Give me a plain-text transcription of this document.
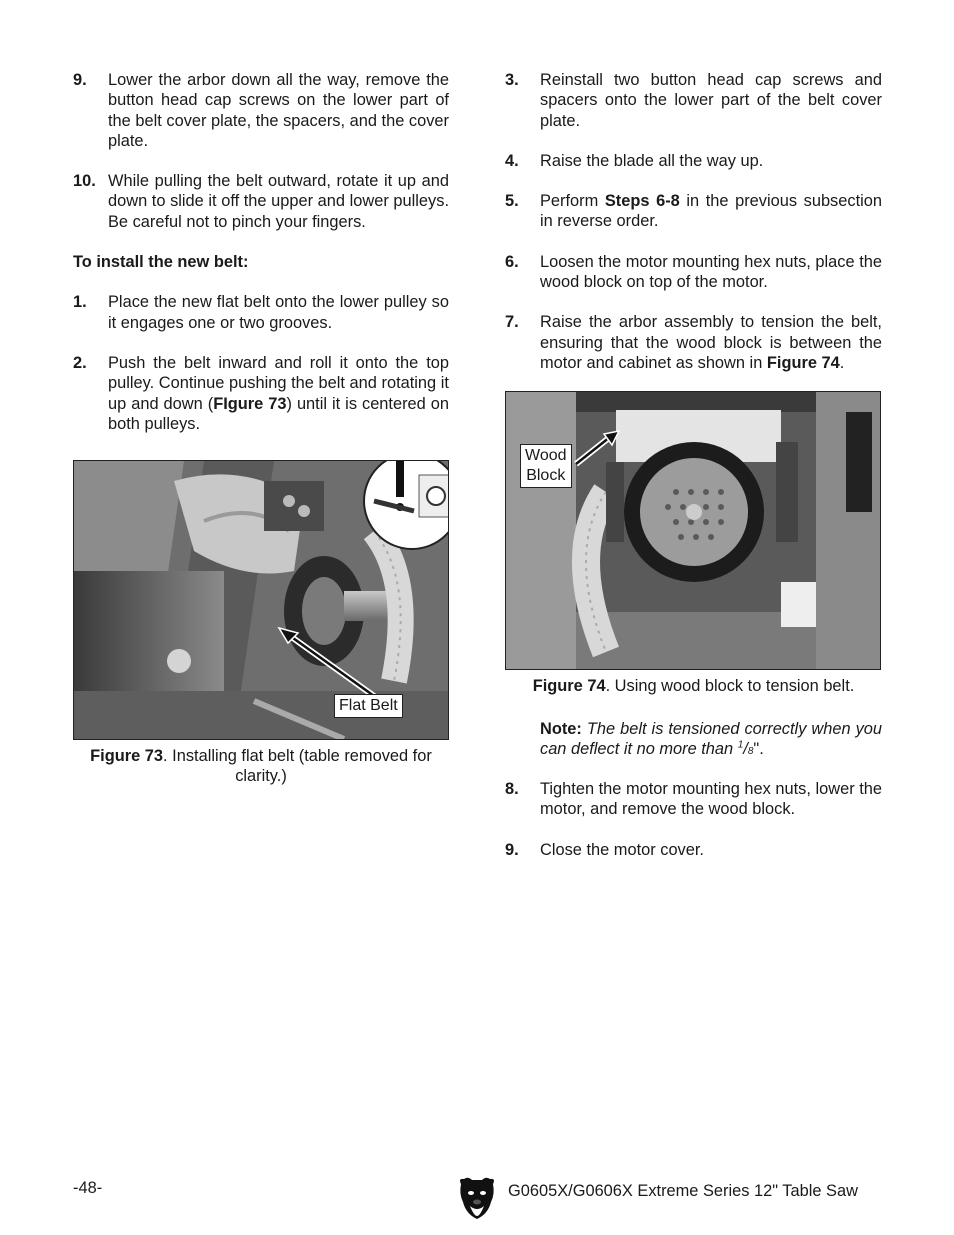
9.	Lower the arbor down all the way, remove the button head cap screws on the lower part of the belt cover plate, the spacers, and the cover plate.
10. While pulling the belt outward, rotate it up and down to slide it off the upper and lower pulleys. Be careful not to pinch your fingers.
To install the new belt:
1.	Place the new flat belt onto the lower pulley so it engages one or two grooves.
2.	Push the belt inward and roll it onto the top pulley. Continue pushing the belt and rotating it up and down (FIgure 73) until it is centered on both pulleys.
Flat Belt
Figure 73. Installing flat belt (table removed for clarity.)
3.	Reinstall two button head cap screws and spacers onto the lower part of the belt cover plate.
4.	Raise the blade all the way up.
5.	Perform Steps 6-8 in the previous subsection in reverse order.
6.	Loosen the motor mounting hex nuts, place the wood block on top of the motor.
7.	Raise the arbor assembly to tension the belt, ensuring that the wood block is between the motor and cabinet as shown in Figure 74.
Wood
Block
Figure 74. Using wood block to tension belt.
Note: The belt is tensioned correctly when you can deflect it no more than $^1$/8".
8.	Tighten the motor mounting hex nuts, lower the motor, and remove the wood block.
9.	Close the motor cover.
-48-	G0605X/G0606X Extreme Series 12" Table Saw
